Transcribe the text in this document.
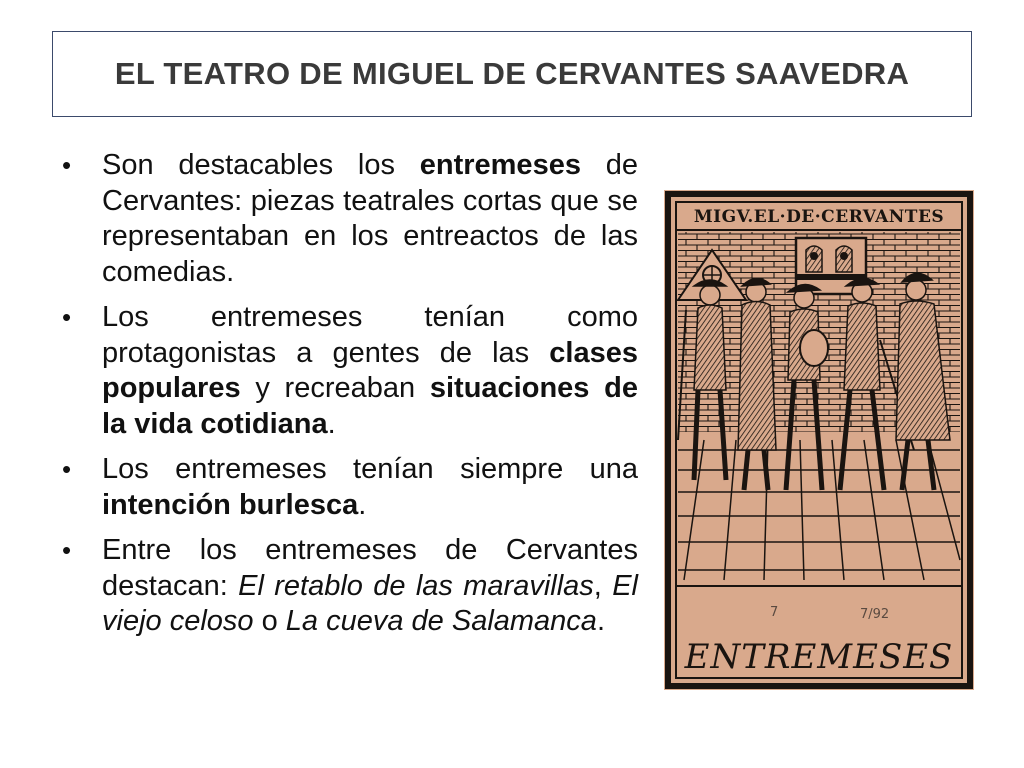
EL TEATRO DE MIGUEL DE CERVANTES SAAVEDRA
•	Son destacables los entremeses de Cervantes: piezas teatrales cortas que se representaban en los entreactos de las comedias.
•	Los entremeses tenían como protagonistas a gentes de las clases populares y recreaban situaciones de la vida cotidiana.
•	Los entremeses tenían siempre una intención burlesca.
•	Entre los entremeses de Cervantes destacan: El retablo de las maravillas, El viejo celoso o La cueva de Salamanca.
MIGV.EL·DE·CERVANTES
7	7/92
ENTREMESES
